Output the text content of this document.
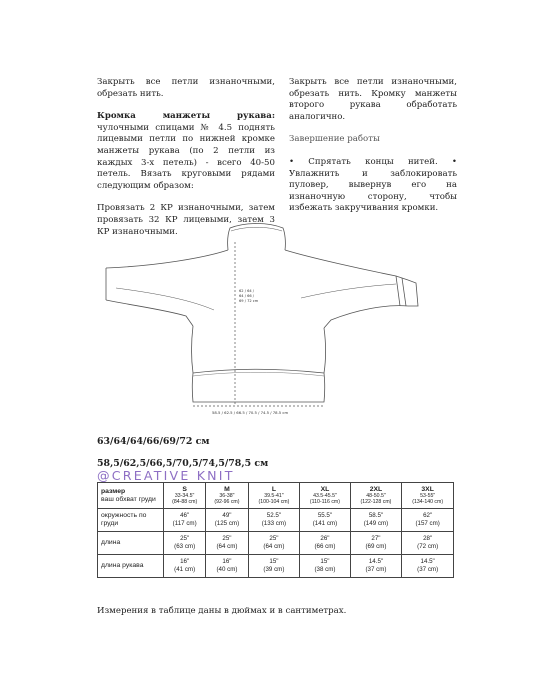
Закрыть все петли изнаночными, обрезать нить.

Кромка манжеты рукава: чулочными спицами № 4.5 поднять лицевыми петли по нижней кромке манжеты рукава (по 2 петли из каждых 3-х петель) - всего 40-50 петель. Вязать круговыми рядами следующим образом:

Провязать 2 КР изнаночными, затем провязать 32 КР лицевыми, затем 3 КР изнаночными.

Закрыть все петли изнаночными, обрезать нить. Кромку манжеты второго рукава обработать аналогично.

Завершение работы

• Спрятать концы нитей. • Увлажнить и заблокировать пуловер, вывернув его на изнаночную сторону, чтобы избежать закручивания кромки.

62 / 64 /
64 / 66 /
69 / 72 cm
58.5 / 62.5 / 66.5 / 70.5 / 74.5 / 78.5 cm
63/64/64/66/69/72 см
58,5/62,5/66,5/70,5/74,5/78,5 см
@CREATIVE KNIT
размер
ваш обхват груди	S
33-34.5"
(84-88 cm)	M
36-38"
(92-96 cm)	L
39.5-41"
(100-104 cm)	XL
43.5-45.5"
(110-116 cm)	2XL
48-50.5"
(122-128 cm)	3XL
53-55"
(134-140 cm)

окружность по груди	46"
(117 cm)	49"
(125 cm)	52.5"
(133 cm)	55.5"
(141 cm)	58.5"
(149 cm)	62"
(157 cm)

длина	25"
(63 cm)	25"
(64 cm)	25"
(64 cm)	26"
(66 cm)	27"
(69 cm)	28"
(72 cm)

длина рукава	16"
(41 cm)	16"
(40 cm)	15"
(39 cm)	15"
(38 cm)	14.5"
(37 cm)	14.5"
(37 cm)
Измерения в таблице даны в дюймах и в сантиметрах.
